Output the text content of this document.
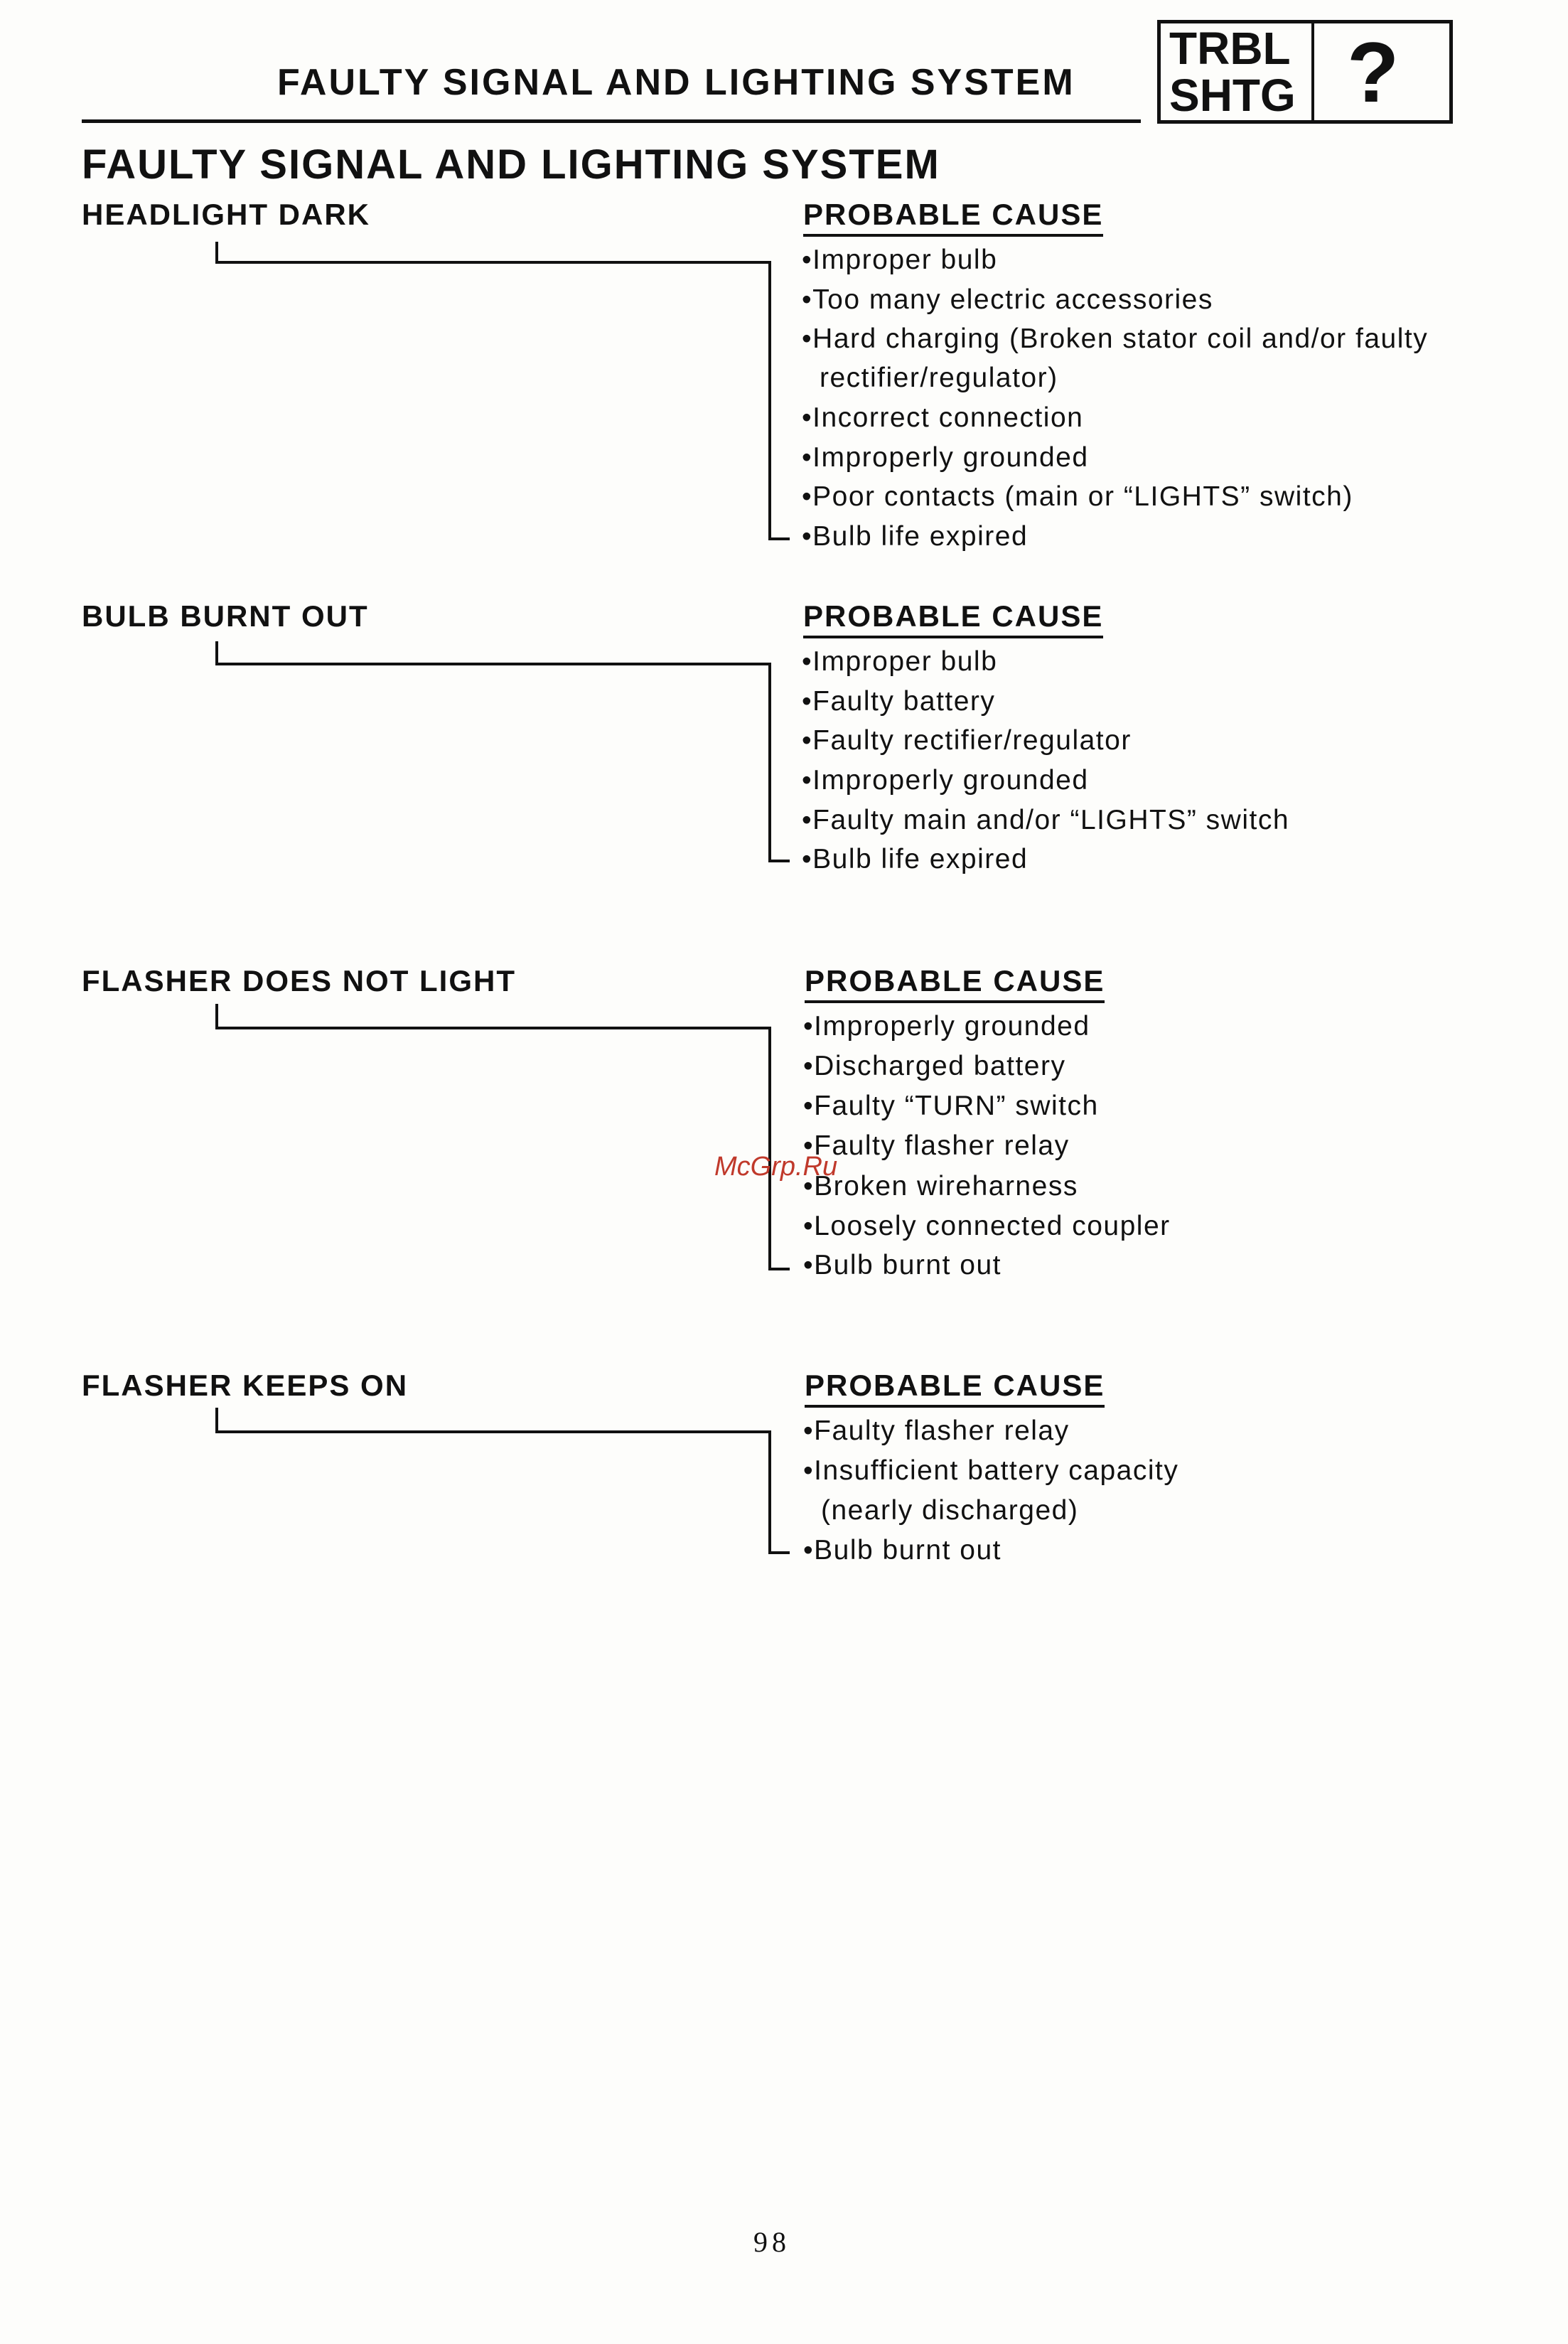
FAULTY SIGNAL AND LIGHTING SYSTEM
TRBL
SHTG ?
FAULTY SIGNAL AND LIGHTING SYSTEM
HEADLIGHT DARK	PROBABLE CAUSE
•Improper bulb
•Too many electric accessories
•Hard charging (Broken stator coil and/or faulty
rectifier/regulator)
•Incorrect connection
•Improperly grounded
•Poor contacts (main or “LIGHTS” switch)
•Bulb life expired
BULB BURNT OUT	PROBABLE CAUSE
•Improper bulb
•Faulty battery
•Faulty rectifier/regulator
•Improperly grounded
•Faulty main and/or “LIGHTS” switch
•Bulb life expired
FLASHER DOES NOT LIGHT	PROBABLE CAUSE
•Improperly grounded
•Discharged battery
•Faulty “TURN” switch
•Faulty flasher relay
•Broken wireharness
•Loosely connected coupler
•Bulb burnt out
FLASHER KEEPS ON	PROBABLE CAUSE
•Faulty flasher relay
•Insufficient battery capacity
(nearly discharged)
•Bulb burnt out
McGrp.Ru
98
